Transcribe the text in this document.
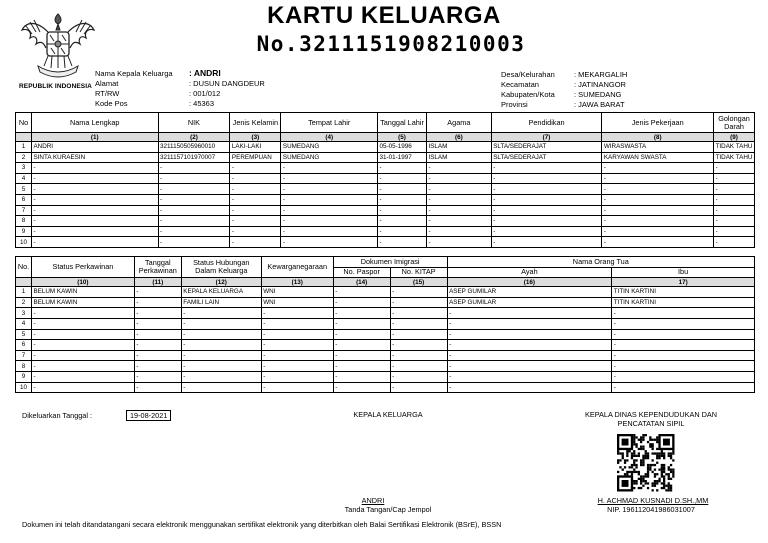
REPUBLIK INDONESIA
KARTU KELUARGA
No.3211151908210003
Nama Kepala Keluarga : ANDRI
Alamat	: DUSUN DANGDEUR
RT/RW	: 001/012
Kode Pos	: 45363
Desa/Kelurahan	: MEKARGALIH
Kecamatan	: JATINANGOR
Kabupaten/Kota	: SUMEDANG
Provinsi	: JAWA BARAT
No	Nama Lengkap	NIK	Jenis Kelamin	Tempat Lahir	Tanggal Lahir	Agama	Pendidikan	Jenis Pekerjaan	Golongan Darah
	(1)	(2)	(3)	(4)	(5)	(6)	(7)	(8)	(9)
1	ANDRI	3211150505960010	LAKI-LAKI	SUMEDANG	05-05-1996	ISLAM	SLTA/SEDERAJAT	WIRASWASTA	TIDAK TAHU
2	SINTA KURAESIN	3211157101970007	PEREMPUAN	SUMEDANG	31-01-1997	ISLAM	SLTA/SEDERAJAT	KARYAWAN SWASTA	TIDAK TAHU
3	-	-	-	-	-	-	-	-	-
4	-	-	-	-	-	-	-	-	-
5	-	-	-	-	-	-	-	-	-
6	-	-	-	-	-	-	-	-	-
7	-	-	-	-	-	-	-	-	-
8	-	-	-	-	-	-	-	-	-
9	-	-	-	-	-	-	-	-	-
10	-	-	-	-	-	-	-	-	-
No.	Status Perkawinan	Tanggal Perkawinan	Status Hubungan Dalam Keluarga	Kewarganegaraan	Dokumen Imigrasi		Nama Orang Tua	
					No. Paspor	No. KITAP	Ayah	Ibu
	(10)	(11)	(12)	(13)	(14)	(15)	(16)	17)
1	BELUM KAWIN	-	KEPALA KELUARGA	WNI	-	-	ASEP GUMILAR	TITIN KARTINI
2	BELUM KAWIN	-	FAMILI LAIN	WNI	-	-	ASEP GUMILAR	TITIN KARTINI
3	-	-	-	-	-	-	-	-
4	-	-	-	-	-	-	-	-
5	-	-	-	-	-	-	-	-
6	-	-	-	-	-	-	-	-
7	-	-	-	-	-	-	-	-
8	-	-	-	-	-	-	-	-
9	-	-	-	-	-	-	-	-
10	-	-	-	-	-	-	-	-
Dikeluarkan Tanggal :	19-08-2021	KEPALA KELUARGA
ANDRI
Tanda Tangan/Cap Jempol
KEPALA DINAS KEPENDUDUKAN DAN
PENCATATAN SIPIL
H. ACHMAD KUSNADI D.SH.,MM
NIP. 196112041986031007
Dokumen ini telah ditandatangani secara elektronik menggunakan sertifikat elektronik yang diterbitkan oleh Balai Sertifikasi Elektronik (BSrE), BSSN
